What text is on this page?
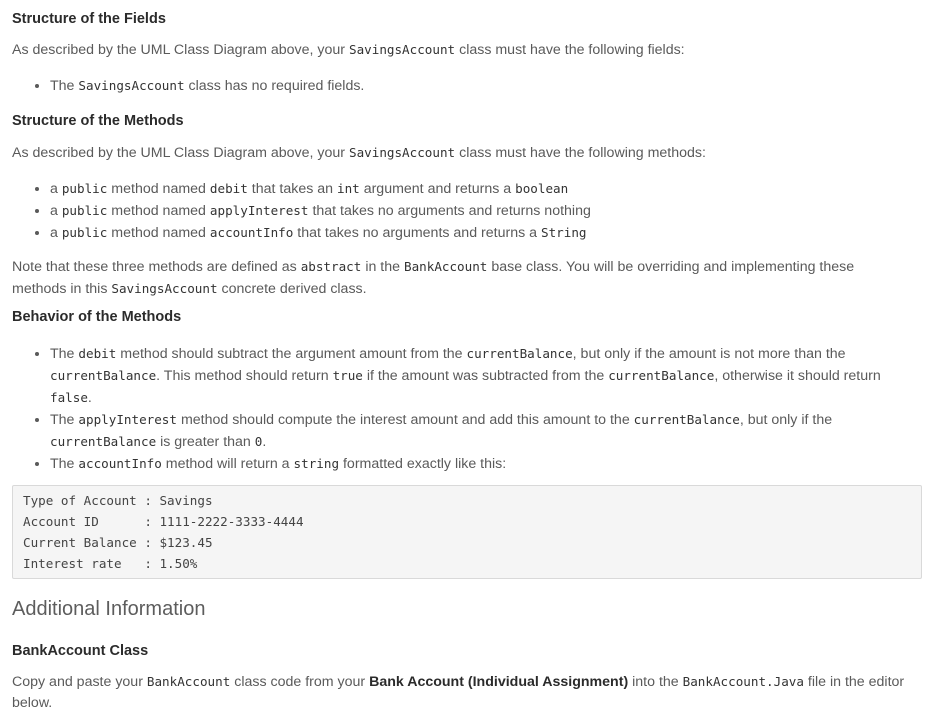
Structure of the Fields

As described by the UML Class Diagram above, your SavingsAccount class must have the following fields:

• The SavingsAccount class has no required fields.
Structure of the Methods

As described by the UML Class Diagram above, your SavingsAccount class must have the following methods:

• a public method named debit that takes an int argument and returns a boolean
• a public method named applyInterest that takes no arguments and returns nothing
• a public method named accountInfo that takes no arguments and returns a String

Note that these three methods are defined as abstract in the BankAccount base class. You will be overriding and implementing these methods in this SavingsAccount concrete derived class.

Behavior of the Methods
• The debit method should subtract the argument amount from the currentBalance, but only if the amount is not more than the currentBalance. This method should return true if the amount was subtracted from the currentBalance, otherwise it should return false.
• The applyInterest method should compute the interest amount and add this amount to the currentBalance, but only if the currentBalance is greater than 0.
• The accountInfo method will return a string formatted exactly like this:
Type of Account : Savings
Account ID      : 1111-2222-3333-4444
Current Balance : $123.45
Interest rate   : 1.50%
Additional Information
BankAccount Class

Copy and paste your BankAccount class code from your Bank Account (Individual Assignment) into the BankAccount.Java file in the editor below.
